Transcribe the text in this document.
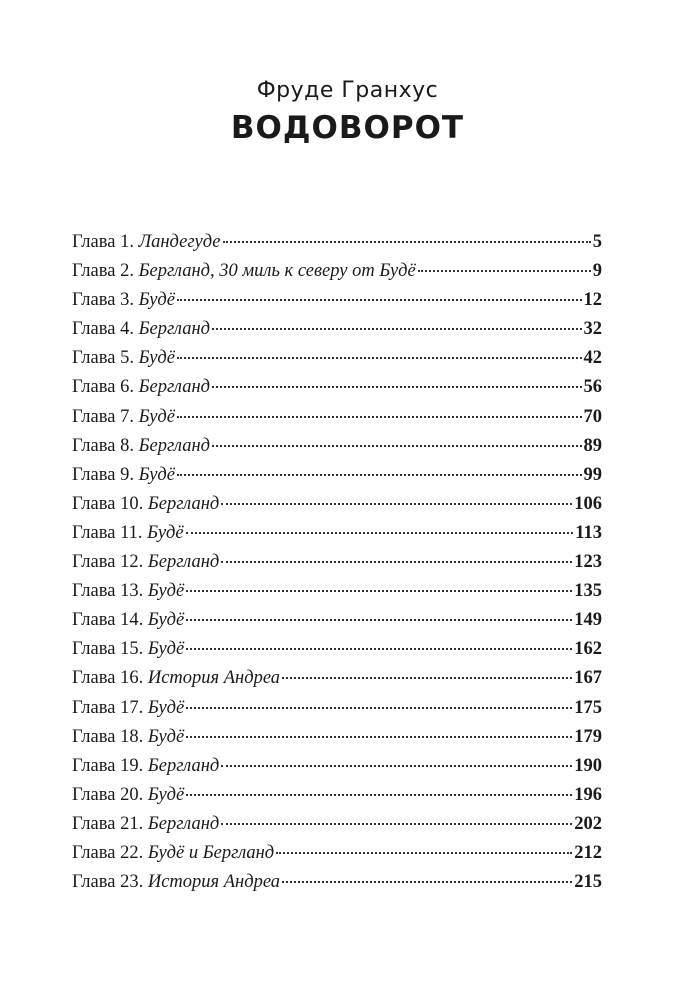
Фруде Гранхус
ВОДОВОРОТ
Глава 1. Ландегуде	5
Глава 2. Бергланд, 30 миль к северу от Будё	9
Глава 3. Будё	12
Глава 4. Бергланд	32
Глава 5. Будё	42
Глава 6. Бергланд	56
Глава 7. Будё	70
Глава 8. Бергланд	89
Глава 9. Будё	99
Глава 10. Бергланд	106
Глава 11. Будё	113
Глава 12. Бергланд	123
Глава 13. Будё	135
Глава 14. Будё	149
Глава 15. Будё	162
Глава 16. История Андреа	167
Глава 17. Будё	175
Глава 18. Будё	179
Глава 19. Бергланд	190
Глава 20. Будё	196
Глава 21. Бергланд	202
Глава 22. Будё и Бергланд	212
Глава 23. История Андреа	215
